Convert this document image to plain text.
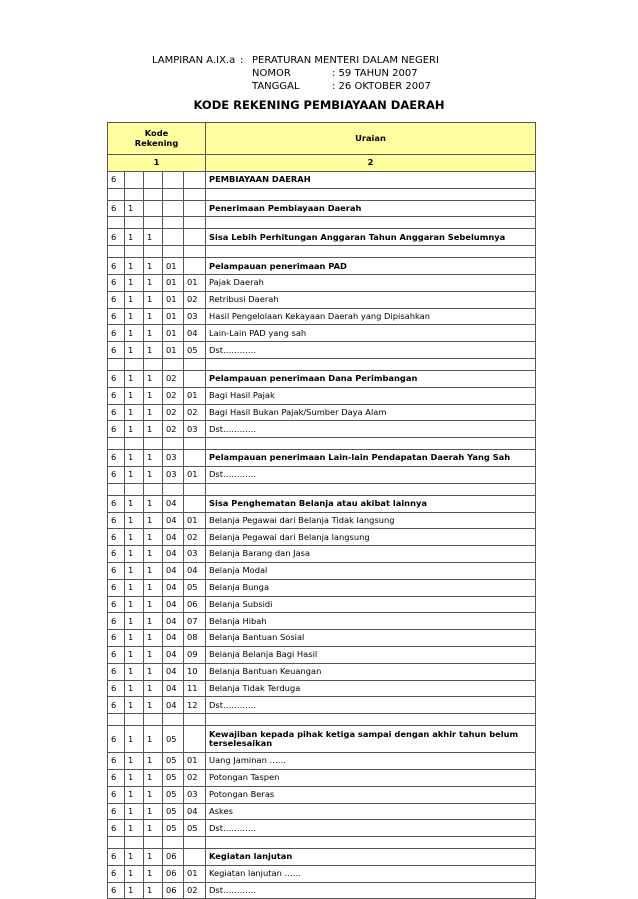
LAMPIRAN A.IX.a : PERATURAN MENTERI DALAM NEGERI
NOMOR	: 59 TAHUN 2007
TANGGAL	: 26 OKTOBER 2007
KODE REKENING PEMBIAYAAN DAERAH
Kode
Rekening					Uraian
1					2
6					PEMBIAYAAN DAERAH

6	1				Penerimaan Pembiayaan Daerah

6	1	1			Sisa Lebih Perhitungan Anggaran Tahun Anggaran Sebelumnya

6	1	1	01		Pelampauan penerimaan PAD
6	1	1	01	01	Pajak Daerah
6	1	1	01	02	Retribusi Daerah
6	1	1	01	03	Hasil Pengelolaan Kekayaan Daerah yang Dipisahkan
6	1	1	01	04	Lain-Lain PAD yang sah
6	1	1	01	05	Dst…………

6	1	1	02		Pelampauan penerimaan Dana Perimbangan
6	1	1	02	01	Bagi Hasil Pajak
6	1	1	02	02	Bagi Hasil Bukan Pajak/Sumber Daya Alam
6	1	1	02	03	Dst…………

6	1	1	03		Pelampauan penerimaan Lain-lain Pendapatan Daerah Yang Sah
6	1	1	03	01	Dst…………

6	1	1	04		Sisa Penghematan Belanja atau akibat lainnya
6	1	1	04	01	Belanja Pegawai dari Belanja Tidak langsung
6	1	1	04	02	Belanja Pegawai dari Belanja langsung
6	1	1	04	03	Belanja Barang dan Jasa
6	1	1	04	04	Belanja Modal
6	1	1	04	05	Belanja Bunga
6	1	1	04	06	Belanja Subsidi
6	1	1	04	07	Belanja Hibah
6	1	1	04	08	Belanja Bantuan Sosial
6	1	1	04	09	Belanja Belanja Bagi Hasil
6	1	1	04	10	Belanja Bantuan Keuangan
6	1	1	04	11	Belanja Tidak Terduga
6	1	1	04	12	Dst…………

6	1	1	05		Kewajiban kepada pihak ketiga sampai dengan akhir tahun belum terselesaikan
6	1	1	05	01	Uang Jaminan ……
6	1	1	05	02	Potongan Taspen
6	1	1	05	03	Potongan Beras
6	1	1	05	04	Askes
6	1	1	05	05	Dst…………

6	1	1	06		Kegiatan lanjutan
6	1	1	06	01	Kegiatan lanjutan ……
6	1	1	06	02	Dst…………
